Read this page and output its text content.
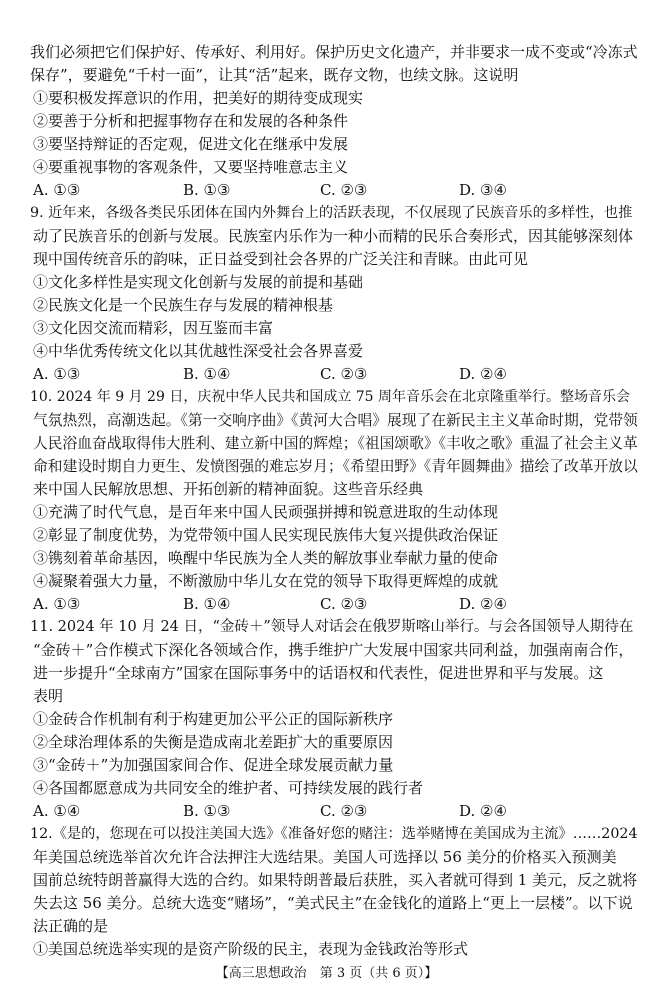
我们必须把它们保护好、传承好、利用好。保护历史文化遗产，并非要求一成不变或“冷冻式
保存”，要避免“千村一面”，让其“活”起来，既存文物，也续文脉。这说明
①要积极发挥意识的作用，把美好的期待变成现实
②要善于分析和把握事物存在和发展的各种条件
③要坚持辩证的否定观，促进文化在继承中发展
④要重视事物的客观条件，又要坚持唯意志主义
A. ①③	B. ①③	C. ②③	D. ③④
9. 近年来，各级各类民乐团体在国内外舞台上的活跃表现，不仅展现了民族音乐的多样性，也推
动了民族音乐的创新与发展。民族室内乐作为一种小而精的民乐合奏形式，因其能够深刻体
现中国传统音乐的韵味，正日益受到社会各界的广泛关注和青睐。由此可见
①文化多样性是实现文化创新与发展的前提和基础
②民族文化是一个民族生存与发展的精神根基
③文化因交流而精彩，因互鉴而丰富
④中华优秀传统文化以其优越性深受社会各界喜爱
A. ①③	B. ①④	C. ②③	D. ②④
10. 2024 年 9 月 29 日，庆祝中华人民共和国成立 75 周年音乐会在北京隆重举行。整场音乐会
气氛热烈，高潮迭起。《第一交响序曲》《黄河大合唱》展现了在新民主主义革命时期，党带领
人民浴血奋战取得伟大胜利、建立新中国的辉煌；《祖国颂歌》《丰收之歌》重温了社会主义革
命和建设时期自力更生、发愤图强的难忘岁月；《希望田野》《青年圆舞曲》描绘了改革开放以
来中国人民解放思想、开拓创新的精神面貌。这些音乐经典
①充满了时代气息，是百年来中国人民顽强拼搏和锐意进取的生动体现
②彰显了制度优势，为党带领中国人民实现民族伟大复兴提供政治保证
③镌刻着革命基因，唤醒中华民族为全人类的解放事业奉献力量的使命
④凝聚着强大力量，不断激励中华儿女在党的领导下取得更辉煌的成就
A. ①③	B. ①④	C. ②③	D. ②④
11. 2024 年 10 月 24 日，“金砖＋”领导人对话会在俄罗斯喀山举行。与会各国领导人期待在
“金砖＋”合作模式下深化各领域合作，携手维护广大发展中国家共同利益，加强南南合作，
进一步提升“全球南方”国家在国际事务中的话语权和代表性，促进世界和平与发展。这
表明
①金砖合作机制有利于构建更加公平公正的国际新秩序
②全球治理体系的失衡是造成南北差距扩大的重要原因
③“金砖＋”为加强国家间合作、促进全球发展贡献力量
④各国都愿意成为共同安全的维护者、可持续发展的践行者
A. ①④	B. ①③	C. ②③	D. ②④
12.《是的，您现在可以投注美国大选》《准备好您的赌注：选举赌博在美国成为主流》……2024
年美国总统选举首次允许合法押注大选结果。美国人可选择以 56 美分的价格买入预测美
国前总统特朗普赢得大选的合约。如果特朗普最后获胜，买入者就可得到 1 美元，反之就将
失去这 56 美分。总统大选变“赌场”，“美式民主”在金钱化的道路上“更上一层楼”。以下说
法正确的是
①美国总统选举实现的是资产阶级的民主，表现为金钱政治等形式
【高三思想政治　第 3 页（共 6 页）】
